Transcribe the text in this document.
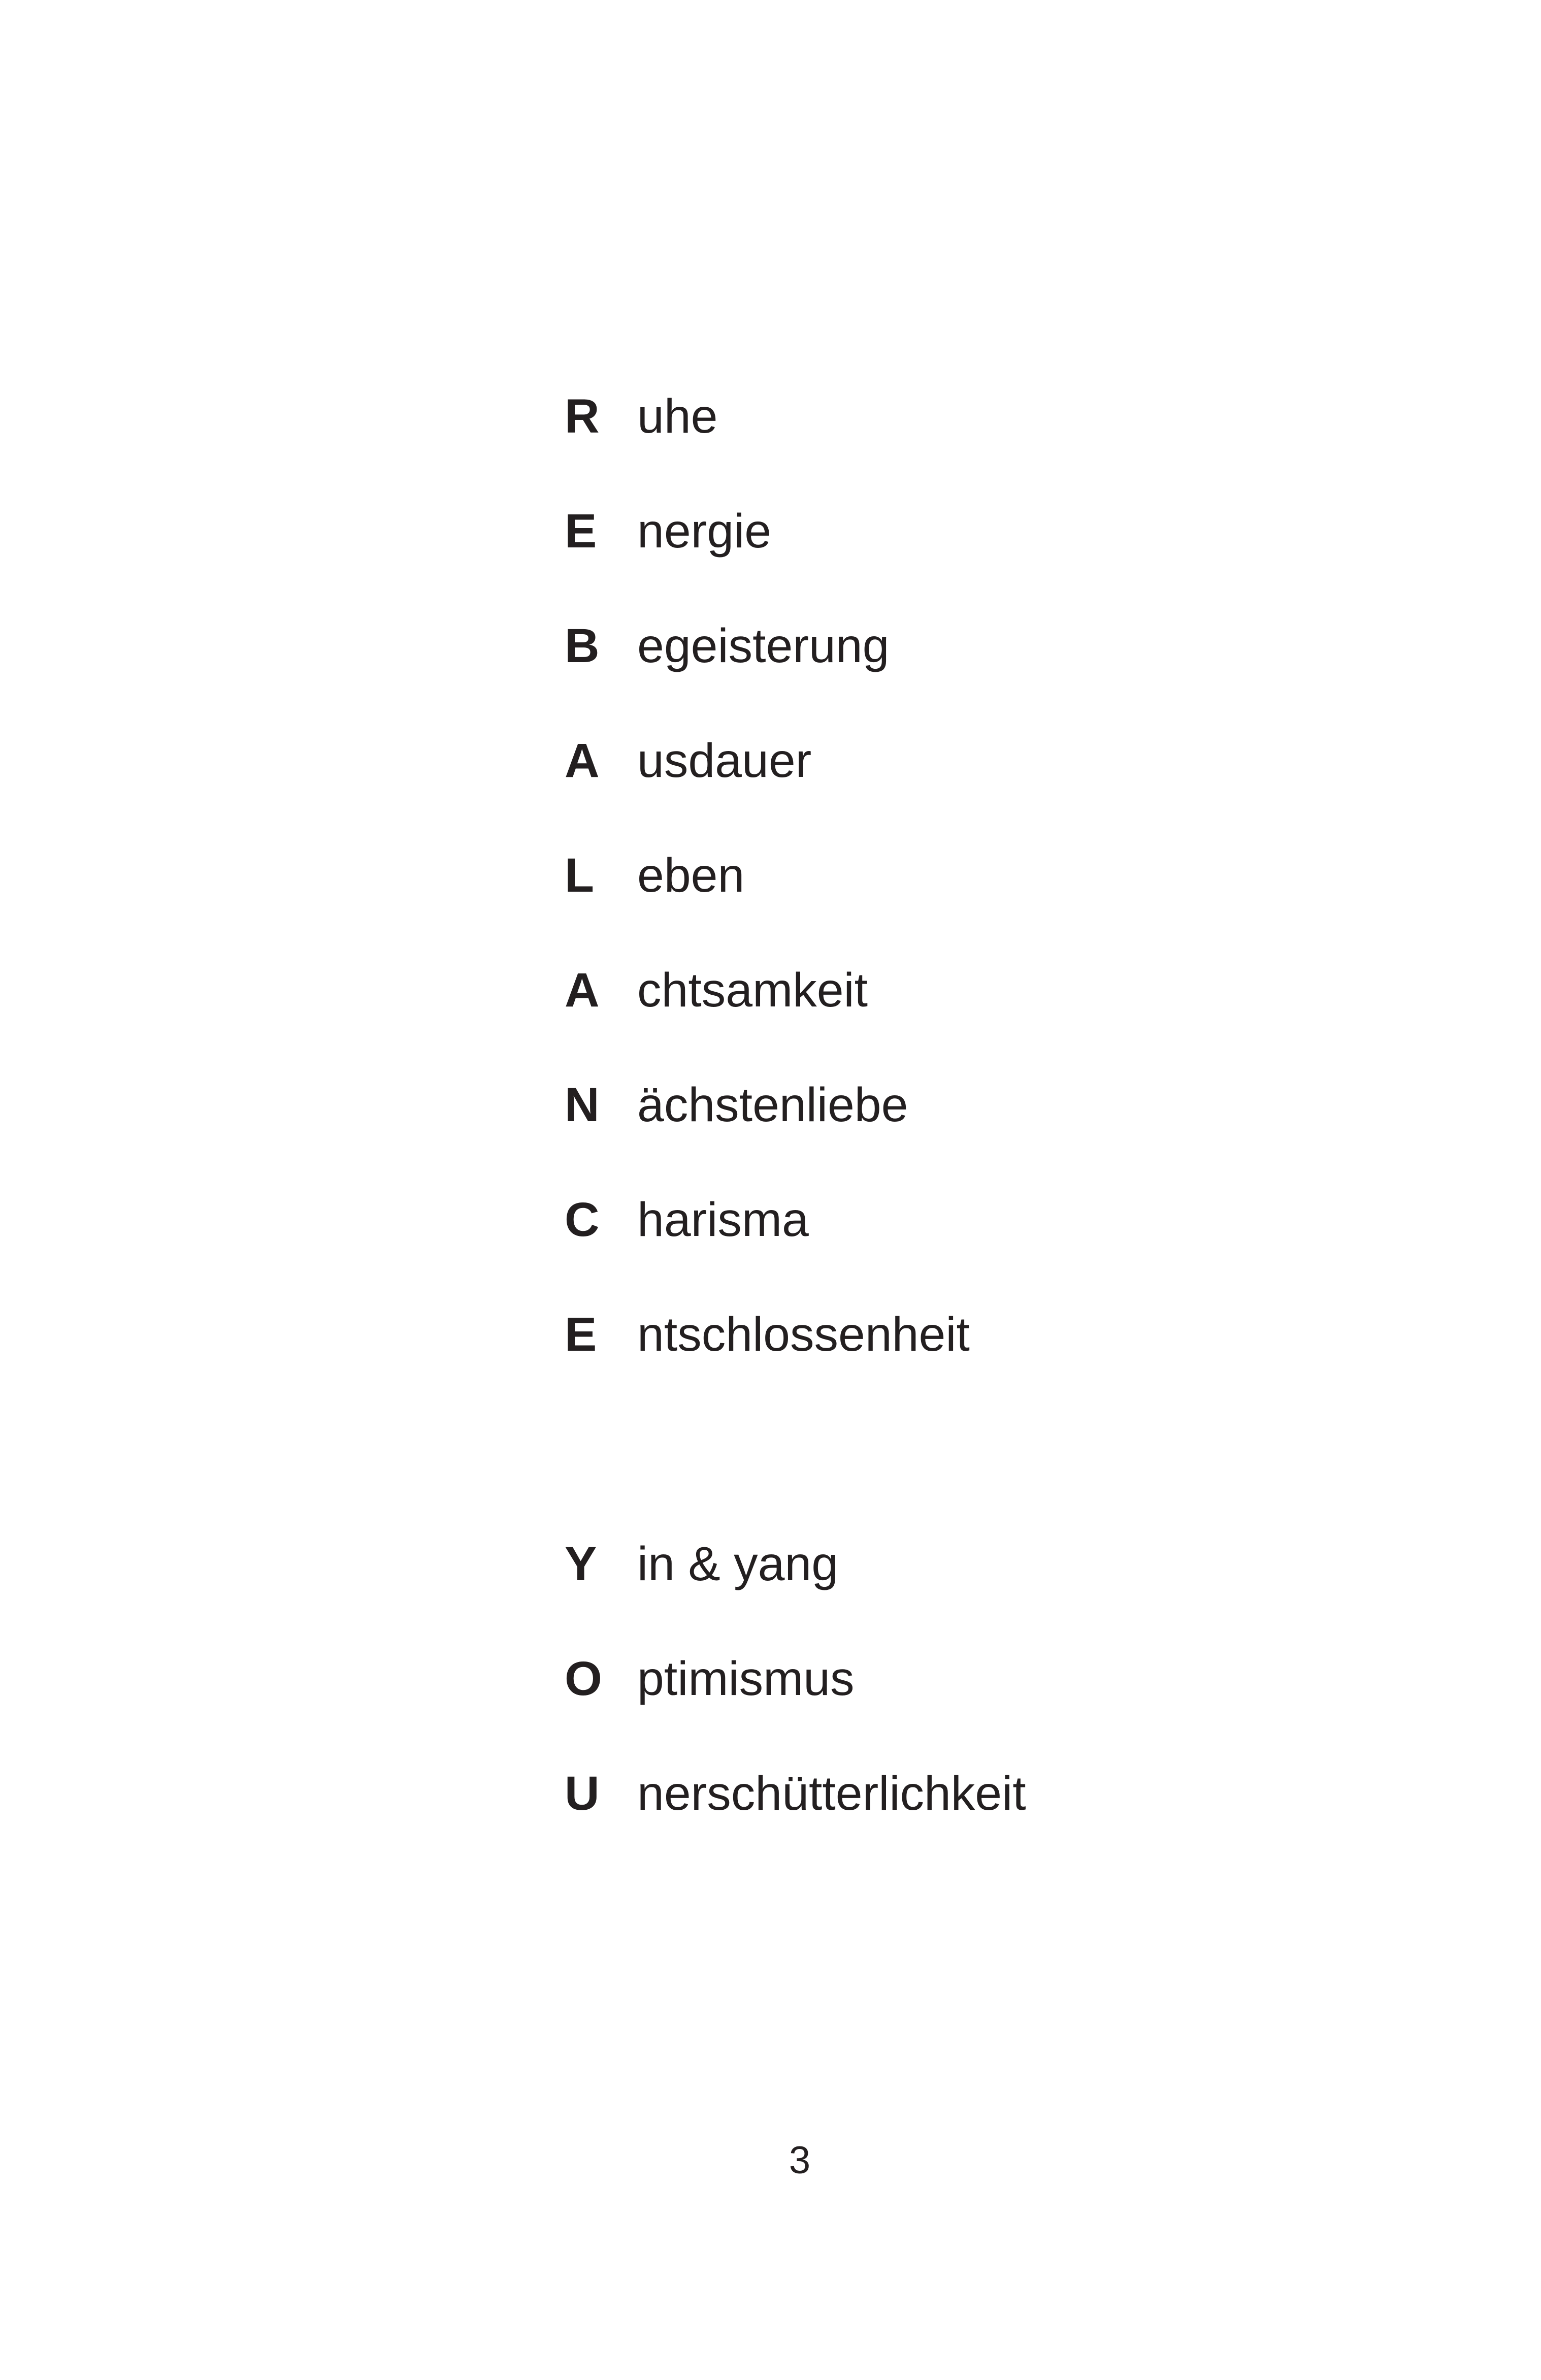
R uhe
E nergie
B egeisterung
A usdauer
L eben
A chtsamkeit
N ächstenliebe
C harisma
E ntschlossenheit
Y in & yang
O ptimismus
U nerschütterlichkeit
3
